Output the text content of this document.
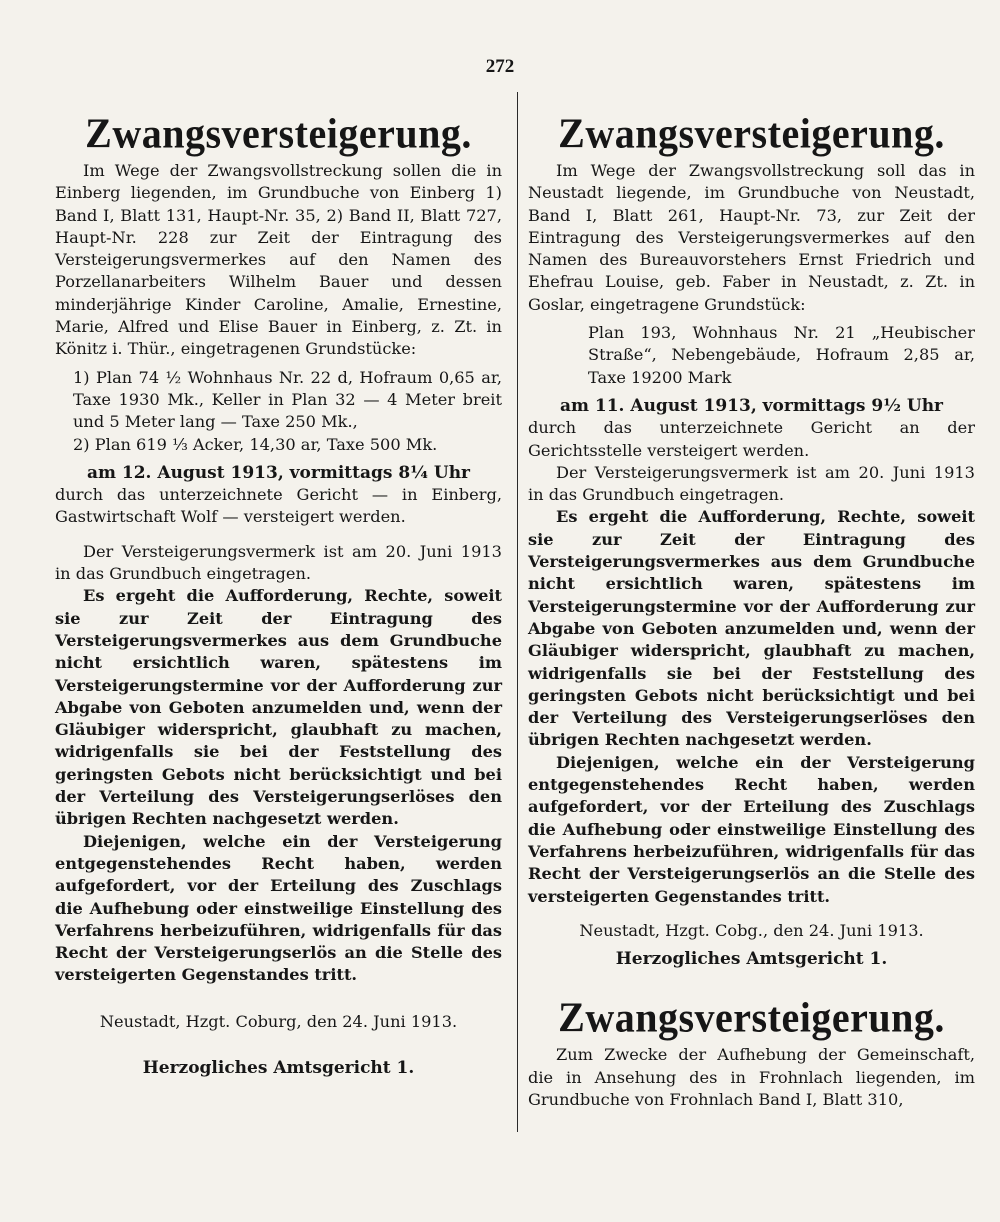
272
Zwangsversteigerung.

Im Wege der Zwangsvollstreckung sollen die in Einberg liegenden, im Grundbuche von Einberg 1) Band I, Blatt 131, Haupt-Nr. 35, 2) Band II, Blatt 727, Haupt-Nr. 228 zur Zeit der Eintragung des Versteigerungsvermerkes auf den Namen des Porzellanarbeiters Wilhelm Bauer und dessen minderjährige Kinder Caroline, Amalie, Ernestine, Marie, Alfred und Elise Bauer in Einberg, z. Zt. in Könitz i. Thür., eingetragenen Grundstücke:

1) Plan 74 ½ Wohnhaus Nr. 22 d, Hofraum 0,65 ar, Taxe 1930 Mk., Keller in Plan 32 — 4 Meter breit und 5 Meter lang — Taxe 250 Mk.,

2) Plan 619 ⅓ Acker, 14,30 ar, Taxe 500 Mk.

am 12. August 1913, vormittags 8¼ Uhr

durch das unterzeichnete Gericht — in Einberg, Gastwirtschaft Wolf — versteigert werden.

Der Versteigerungsvermerk ist am 20. Juni 1913 in das Grundbuch eingetragen.

Es ergeht die Aufforderung, Rechte, soweit sie zur Zeit der Eintragung des Versteigerungsvermerkes aus dem Grundbuche nicht ersichtlich waren, spätestens im Versteigerungstermine vor der Aufforderung zur Abgabe von Geboten anzumelden und, wenn der Gläubiger widerspricht, glaubhaft zu machen, widrigenfalls sie bei der Feststellung des geringsten Gebots nicht berücksichtigt und bei der Verteilung des Versteigerungserlöses den übrigen Rechten nachgesetzt werden.

Diejenigen, welche ein der Versteigerung entgegenstehendes Recht haben, werden aufgefordert, vor der Erteilung des Zuschlags die Aufhebung oder einstweilige Einstellung des Verfahrens herbeizuführen, widrigenfalls für das Recht der Versteigerungserlös an die Stelle des versteigerten Gegenstandes tritt.

Neustadt, Hzgt. Coburg, den 24. Juni 1913.

Herzogliches Amtsgericht 1.

Zwangsversteigerung.

Im Wege der Zwangsvollstreckung soll das in Neustadt liegende, im Grundbuche von Neustadt, Band I, Blatt 261, Haupt-Nr. 73, zur Zeit der Eintragung des Versteigerungsvermerkes auf den Namen des Bureauvorstehers Ernst Friedrich und Ehefrau Louise, geb. Faber in Neustadt, z. Zt. in Goslar, eingetragene Grundstück:

Plan 193, Wohnhaus Nr. 21 „Heubischer Straße“, Nebengebäude, Hofraum 2,85 ar, Taxe 19200 Mark

am 11. August 1913, vormittags 9½ Uhr

durch das unterzeichnete Gericht an der Gerichtsstelle versteigert werden.

Der Versteigerungsvermerk ist am 20. Juni 1913 in das Grundbuch eingetragen.

Es ergeht die Aufforderung, Rechte, soweit sie zur Zeit der Eintragung des Versteigerungsvermerkes aus dem Grundbuche nicht ersichtlich waren, spätestens im Versteigerungstermine vor der Aufforderung zur Abgabe von Geboten anzumelden und, wenn der Gläubiger widerspricht, glaubhaft zu machen, widrigenfalls sie bei der Feststellung des geringsten Gebots nicht berücksichtigt und bei der Verteilung des Versteigerungserlöses den übrigen Rechten nachgesetzt werden.

Diejenigen, welche ein der Versteigerung entgegenstehendes Recht haben, werden aufgefordert, vor der Erteilung des Zuschlags die Aufhebung oder einstweilige Einstellung des Verfahrens herbeizuführen, widrigenfalls für das Recht der Versteigerungserlös an die Stelle des versteigerten Gegenstandes tritt.

Neustadt, Hzgt. Cobg., den 24. Juni 1913.

Herzogliches Amtsgericht 1.

Zwangsversteigerung.

Zum Zwecke der Aufhebung der Gemeinschaft, die in Ansehung des in Frohnlach liegenden, im Grundbuche von Frohnlach Band I, Blatt 310,
